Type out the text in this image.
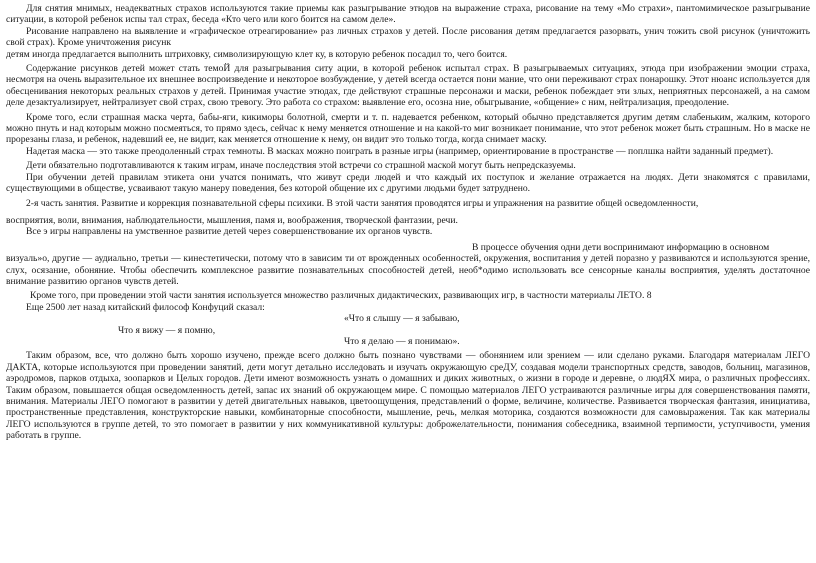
Для снятия мнимых, неадекватных страхов используются такие приемы как разыгрывание этюдов на выражение страха, рисование на тему «Мо страхи», пантомимическое разыгрывание ситуации, в которой ребенок испы тал страх, беседа «Кто чего или кого боится на самом деле».

Рисование направлено на выявление и «графическое отреагирование» раз личных страхов у детей. После рисования детям предлагается разорвать, унич тожить свой рисунок (уничтожить свой страх). Кроме уничтожения рисунк

детям иногда предлагается выполнить штриховку, символизирующую клет ку, в которую ребенок посадил то, чего боится.

Содержание рисунков детей может стать темоЙ для разыгрывания ситу ации, в которой ребенок испытал страх. В разыгрываемых ситуациях, этюда при изображении эмоции страха, несмотря на очень выразительное их внешнее воспроизведение и некоторое возбуждение, у детей всегда остается пони мание, что они переживают страх понарошку. Этот нюанс используется для обесценивания некоторых реальных страхов у детей. Принимая участие этюдах, где действуют страшные персонажи и маски, ребенок побеждает эти злых, неприятных персонажей, а на самом деле дезактуализирует, нейтрализует свой страх, свою тревогу. Это работа со страхом: выявление его, осозна ние, обыгрывание, «общение» с ним, нейтрализация, преодоление.

Кроме того, если страшная маска черта, бабы-яги, кикиморы болотной, смерти и т. п. надевается ребенком, который обычно представляется другим детям слабеньким, жалким, которого можно пнуть и над которым можно посмеяться, то прямо здесь, сейчас к нему меняется отношение и на какой-то миг возникает понимание, что этот ребенок может быть страшным. Но в маске не прорезаны глаза, и ребенок, надевший ее, не видит, как меняется отношение к нему, он видит это только тогда, когда снимает маску.

Надетая маска — это также преодоленный страх темноты. В масках можно поиграть в разные игры (например, ориентирование в пространстве — поплшка найти заданный предмет).

Дети обязательно подготавливаются к таким играм, иначе последствия этой встречи со страшной маской могут быть непредсказуемы.

При обучении детей правилам этикета они учатся понимать, что живут среди людей и что каждый их поступок и желание отражается на людях. Дети знакомятся с правилами, существующими в обществе, усваивают такую манеру поведения, без которой общение их с другими людьми будет затруднено.

2-я часть занятия. Развитие и коррекция познавательной сферы психики. В этой части занятия проводятся игры и упражнения на развитие общей осведомленности,

восприятия, воли, внимания, наблюдательности, мышления, памя и, воображения, творческой фантазии, речи.

Все э игры направлены на умственное развитие детей через совершенствование их органов чувств.

В процессе обучения одни дети воспринимают информацию в основном

визуаль»о, другие — аудиально, третьи — кинестетически, потому что в зависим ти от врожденных особенностей, окружения, воспитания у детей поразно у развиваются и используются зрение, слух, осязание, обоняние. Чтобы обеспечить комплексное развитие познавательных способностей детей, необ*одимо использовать все сенсорные каналы восприятия, уделять достаточное внимание развитию органов чувств детей.

Кроме того, при проведении этой части занятия используется множество различных дидактических, развивающих игр, в частности материалы ЛЕТО. 8

Еще 2500 лет назад китайский философ Конфуций сказал:

«Что я слышу — я забываю,

Что я вижу — я помню,

Что я делаю — я понимаю».

Таким образом, все, что должно быть хорошо изучено, прежде всего должно быть познано чувствами — обонянием или зрением — или сделано руками. Благодаря материалам ЛЕГО ДАКТА, которые используются при проведении занятий, дети могут детально исследовать и изучать окружающую среДУ, создавая модели транспортных средств, заводов, больниц, магазинов, аэродромов, парков отдыха, зоопарков и Целых городов. Дети имеют возможность узнать о домашних и диких животных, о жизни в городе и деревне, о людЯХ мира, о различных профессиях. Таким образом, повышается общая осведомленность детей, запас их знаний об окружающем мире. С помощью материалов ЛЕГО устраиваются различные игры для совершенствования памяти, внимания. Материалы ЛЕГО помогают в развитии у детей двигательных навыков, цветоощущения, представлений о форме, величине, количестве. Развивается творческая фантазия, инициатива, пространственные представления, конструкторские навыки, комбинаторные способности, мышление, речь, мелкая моторика, создаются возможности для самовыражения. Так как материалы ЛЕГО используются в группе детей, то это помогает в развитии у них коммуникативной культуры: доброжелательности, понимания собеседника, взаимной терпимости, уступчивости, умения работать в группе.
